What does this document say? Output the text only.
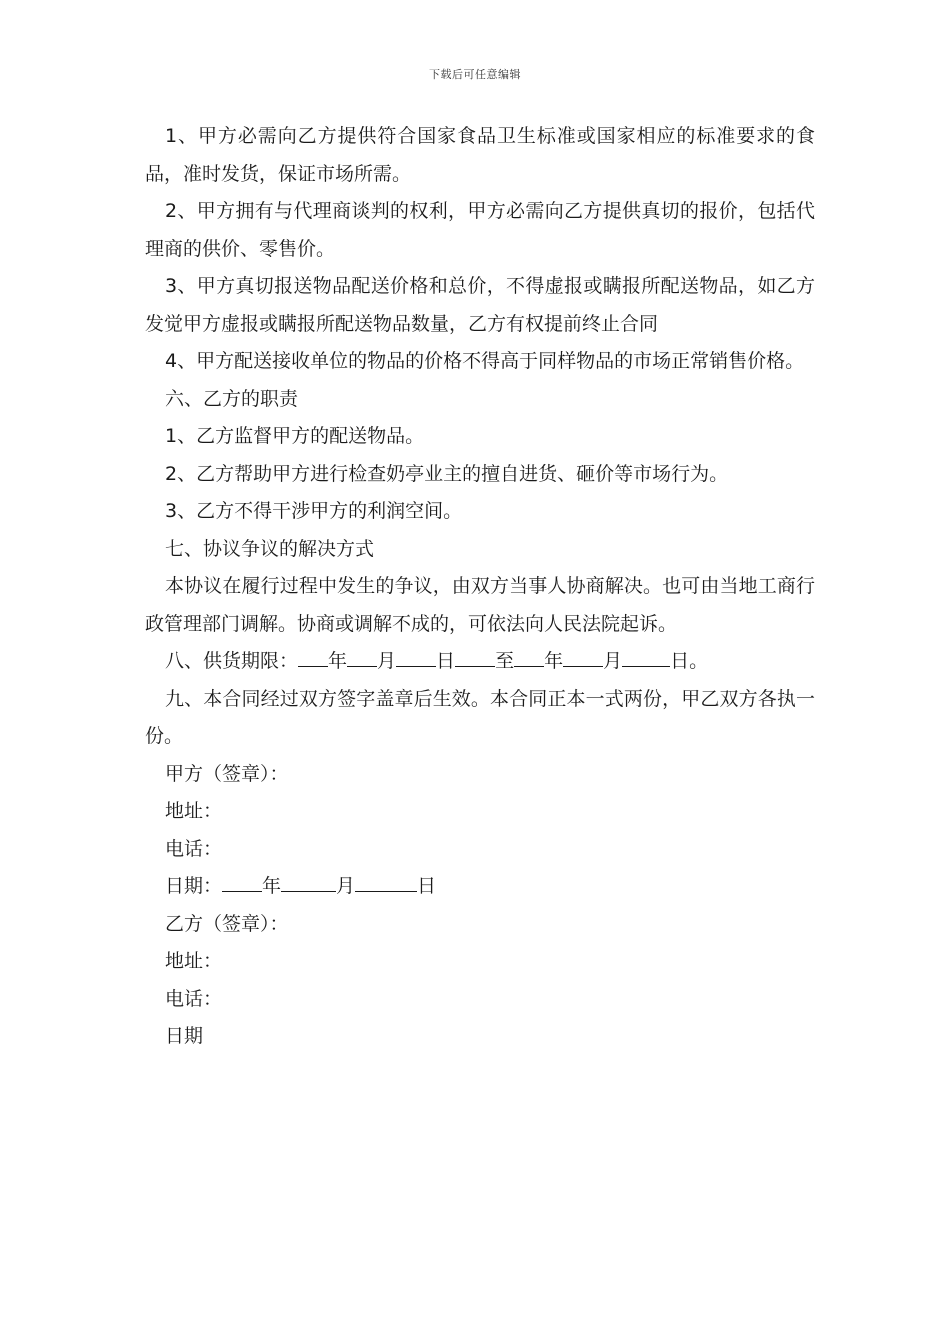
下载后可任意编辑

1、甲方必需向乙方提供符合国家食品卫生标准或国家相应的标准要求的食品，准时发货，保证市场所需。

2、甲方拥有与代理商谈判的权利，甲方必需向乙方提供真切的报价，包括代理商的供价、零售价。

3、甲方真切报送物品配送价格和总价，不得虚报或瞒报所配送物品，如乙方发觉甲方虚报或瞒报所配送物品数量，乙方有权提前终止合同

4、甲方配送接收单位的物品的价格不得高于同样物品的市场正常销售价格。

六、乙方的职责

1、乙方监督甲方的配送物品。

2、乙方帮助甲方进行检查奶亭业主的擅自进货、砸价等市场行为。

3、乙方不得干涉甲方的利润空间。

七、协议争议的解决方式

本协议在履行过程中发生的争议，由双方当事人协商解决。也可由当地工商行政管理部门调解。协商或调解不成的，可依法向人民法院起诉。

八、供货期限： 年 月 日 至 年 月	日。

九、本合同经过双方签字盖章后生效。本合同正本一式两份，甲乙双方各执一份。

甲方（签章）：

地址：

电话：

日期： 年	月	日

乙方（签章）：

地址：

电话：

日期
